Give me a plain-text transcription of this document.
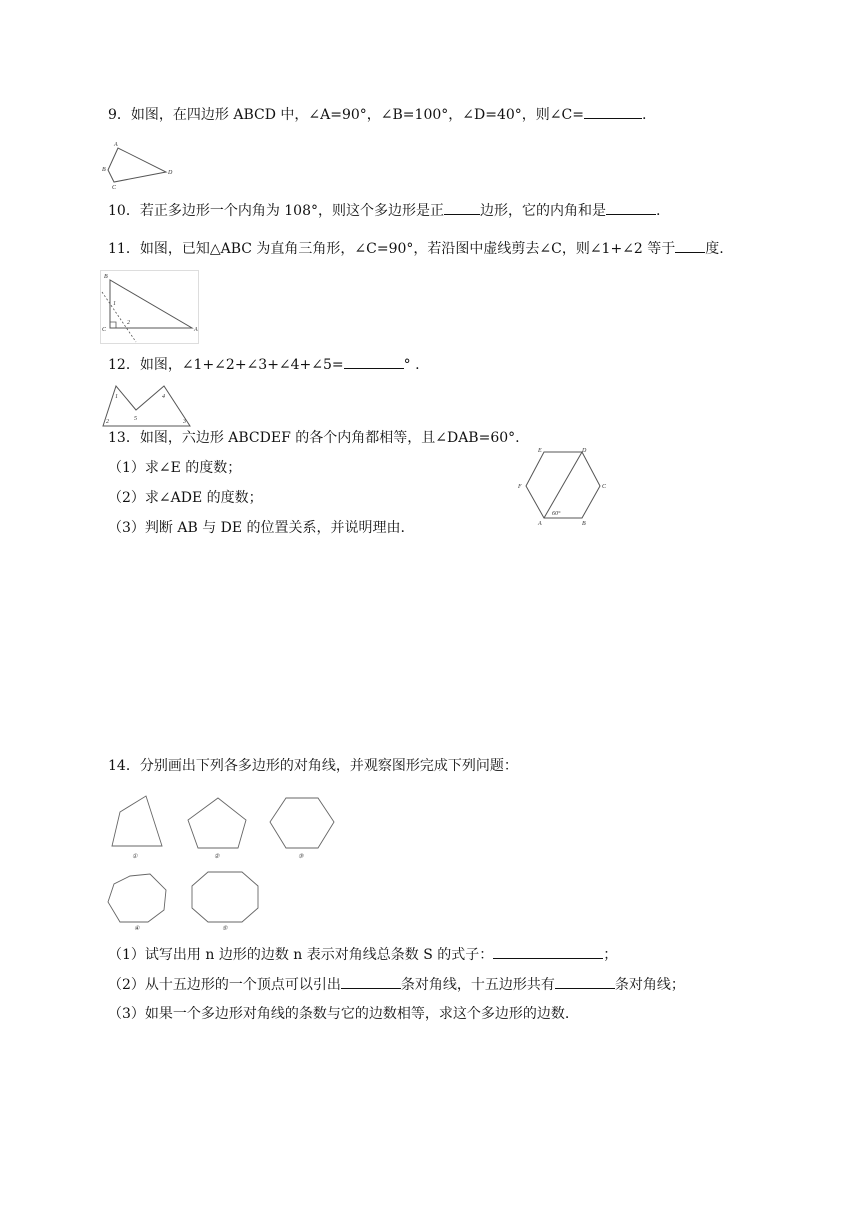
9．如图，在四边形 ABCD 中，∠A=90°，∠B=100°，∠D=40°，则∠C=	.
A
B
C
D
10．若正多边形一个内角为 108°，则这个多边形是正	边形，它的内角和是	.
11．如图，已知△ABC 为直角三角形，∠C=90°，若沿图中虚线剪去∠C，则∠1+∠2 等于 度.
B
C	A
1
2
12．如图，∠1+∠2+∠3+∠4+∠5=	° .
1
2	3
4
5
13．如图，六边形 ABCDEF 的各个内角都相等，且∠DAB=60°.
（1）求∠E 的度数；
（2）求∠ADE 的度数；
（3）判断 AB 与 DE 的位置关系，并说明理由.
E	D
F	C
A	B
60°
14．分别画出下列各多边形的对角线，并观察图形完成下列问题：
①	②	③
④	⑤
（1）试写出用 n 边形的边数 n 表示对角线总条数 S 的式子：	；
（2）从十五边形的一个顶点可以引出	条对角线，十五边形共有	条对角线；
（3）如果一个多边形对角线的条数与它的边数相等，求这个多边形的边数.
